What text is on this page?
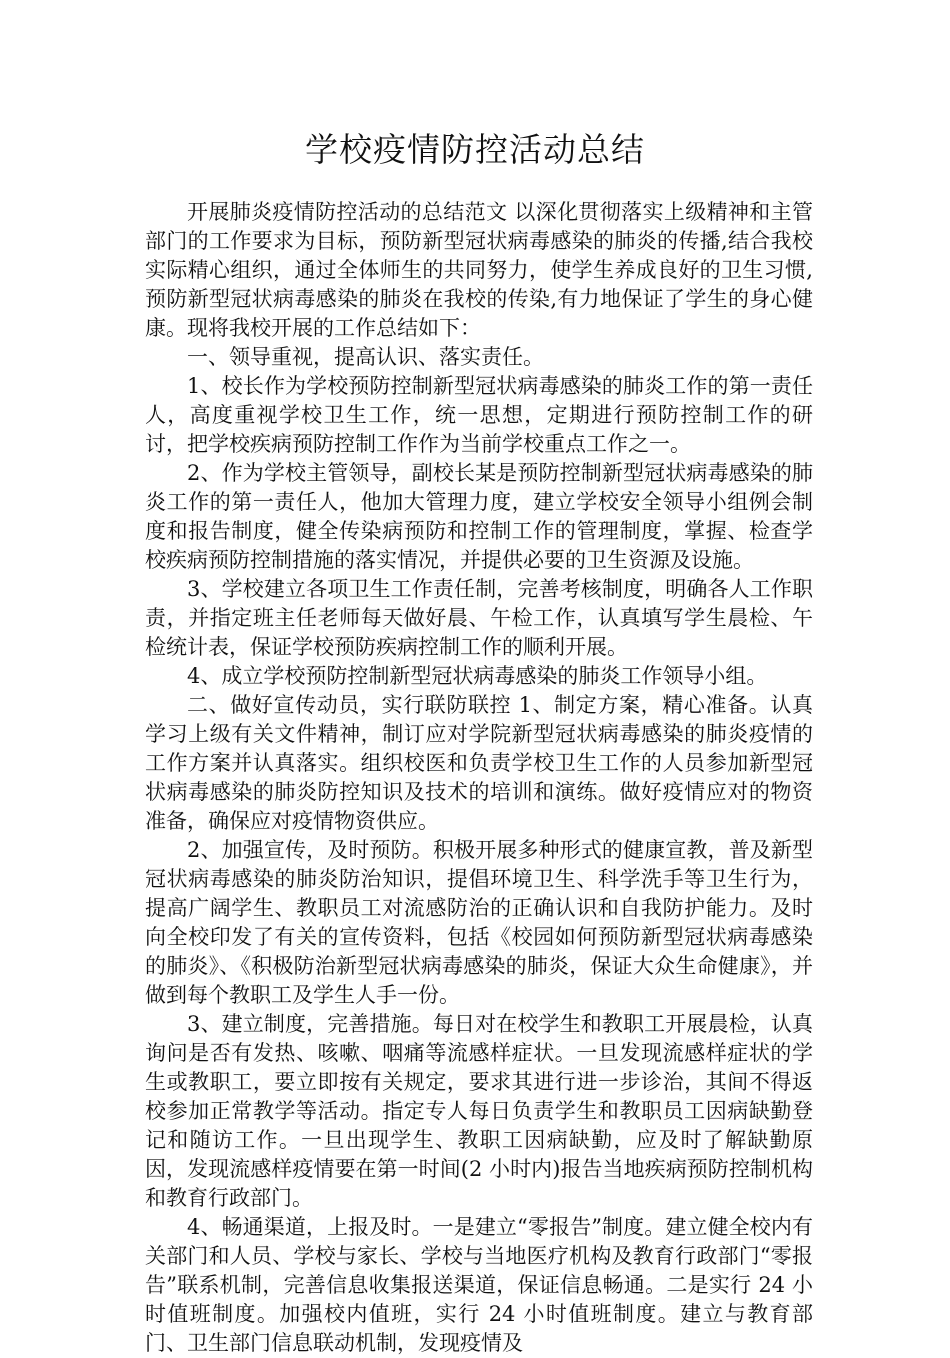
学校疫情防控活动总结

开展肺炎疫情防控活动的总结范文 以深化贯彻落实上级精神和主管部门的工作要求为目标，预防新型冠状病毒感染的肺炎的传播,结合我校实际精心组织，通过全体师生的共同努力，使学生养成良好的卫生习惯,预防新型冠状病毒感染的肺炎在我校的传染,有力地保证了学生的身心健康。现将我校开展的工作总结如下：

一、领导重视，提高认识、落实责任。

1、校长作为学校预防控制新型冠状病毒感染的肺炎工作的第一责任人，高度重视学校卫生工作，统一思想，定期进行预防控制工作的研讨，把学校疾病预防控制工作作为当前学校重点工作之一。

2、作为学校主管领导，副校长某是预防控制新型冠状病毒感染的肺炎工作的第一责任人，他加大管理力度，建立学校安全领导小组例会制度和报告制度，健全传染病预防和控制工作的管理制度，掌握、检查学校疾病预防控制措施的落实情况，并提供必要的卫生资源及设施。

3、学校建立各项卫生工作责任制，完善考核制度，明确各人工作职责，并指定班主任老师每天做好晨、午检工作，认真填写学生晨检、午检统计表，保证学校预防疾病控制工作的顺利开展。

4、成立学校预防控制新型冠状病毒感染的肺炎工作领导小组。

二、做好宣传动员，实行联防联控 1、制定方案，精心准备。认真学习上级有关文件精神，制订应对学院新型冠状病毒感染的肺炎疫情的工作方案并认真落实。组织校医和负责学校卫生工作的人员参加新型冠状病毒感染的肺炎防控知识及技术的培训和演练。做好疫情应对的物资准备，确保应对疫情物资供应。

2、加强宣传，及时预防。积极开展多种形式的健康宣教，普及新型冠状病毒感染的肺炎防治知识，提倡环境卫生、科学洗手等卫生行为，提高广阔学生、教职员工对流感防治的正确认识和自我防护能力。及时向全校印发了有关的宣传资料，包括《校园如何预防新型冠状病毒感染的肺炎》、《积极防治新型冠状病毒感染的肺炎，保证大众生命健康》，并做到每个教职工及学生人手一份。

3、建立制度，完善措施。每日对在校学生和教职工开展晨检，认真询问是否有发热、咳嗽、咽痛等流感样症状。一旦发现流感样症状的学生或教职工，要立即按有关规定，要求其进行进一步诊治，其间不得返校参加正常教学等活动。指定专人每日负责学生和教职员工因病缺勤登记和随访工作。一旦出现学生、教职工因病缺勤，应及时了解缺勤原因，发现流感样疫情要在第一时间(2 小时内)报告当地疾病预防控制机构和教育行政部门。

4、畅通渠道，上报及时。一是建立“零报告”制度。建立健全校内有关部门和人员、学校与家长、学校与当地医疗机构及教育行政部门“零报告”联系机制，完善信息收集报送渠道，保证信息畅通。二是实行 24 小时值班制度。加强校内值班，实行 24 小时值班制度。建立与教育部门、卫生部门信息联动机制，发现疫情及
